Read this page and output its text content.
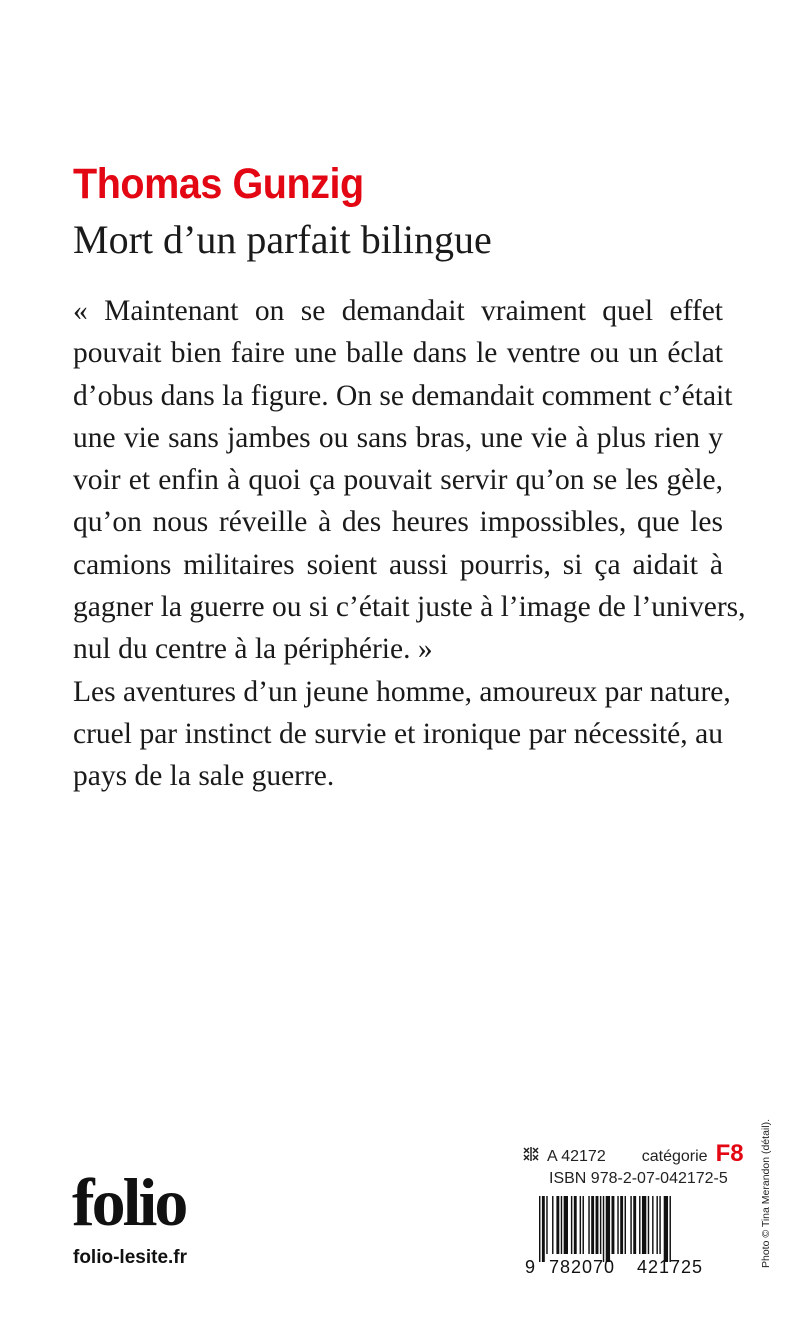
Thomas Gunzig
Mort d’un parfait bilingue
« Maintenant on se demandait vraiment quel effet
pouvait bien faire une balle dans le ventre ou un éclat
d’obus dans la figure. On se demandait comment c’était
une vie sans jambes ou sans bras, une vie à plus rien y
voir et enfin à quoi ça pouvait servir qu’on se les gèle,
qu’on nous réveille à des heures impossibles, que les
camions militaires soient aussi pourris, si ça aidait à
gagner la guerre ou si c’était juste à l’image de l’univers,
nul du centre à la périphérie. »
Les aventures d’un jeune homme, amoureux par nature,
cruel par instinct de survie et ironique par nécessité, au
pays de la sale guerre.
A 42172 catégorie F8
ISBN 978-2-07-042172-5
9 782070 421725
folio
folio-lesite.fr	Photo © Tina Merandon (détail).
